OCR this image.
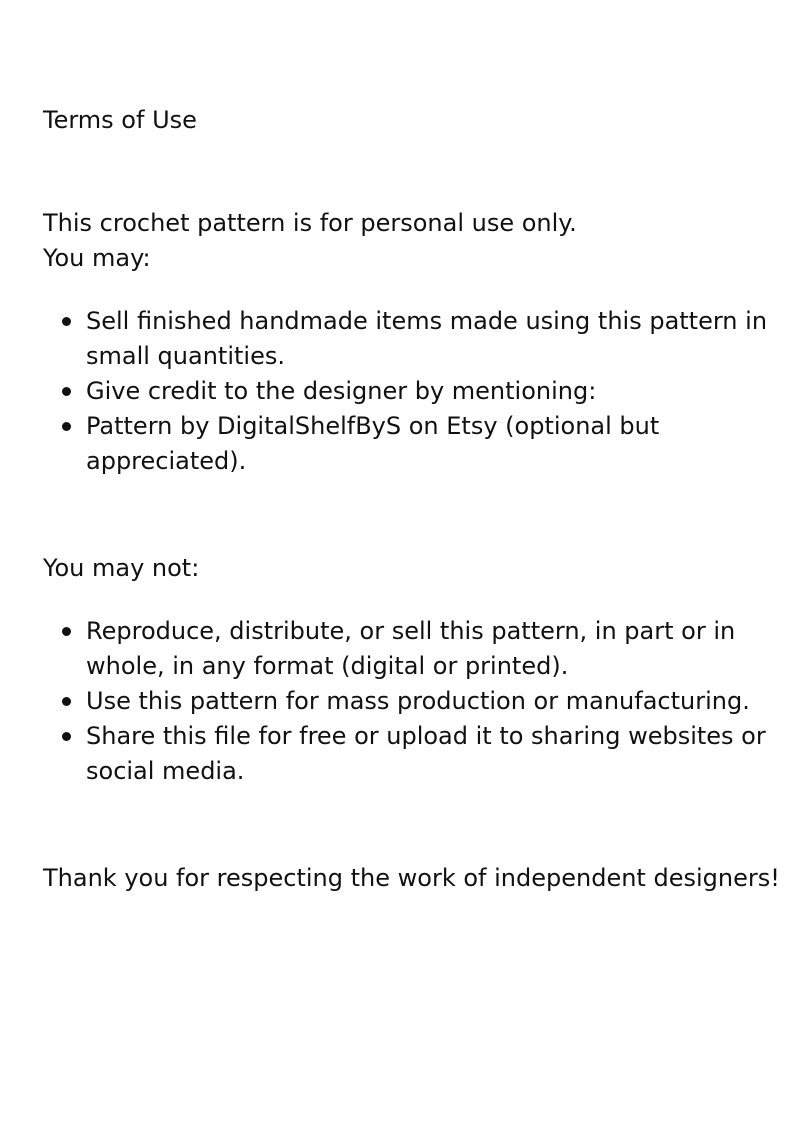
Terms of Use

This crochet pattern is for personal use only.

You may:

Sell finished handmade items made using this pattern in small quantities.
Give credit to the designer by mentioning:
Pattern by DigitalShelfByS on Etsy (optional but appreciated).

You may not:

Reproduce, distribute, or sell this pattern, in part or in whole, in any format (digital or printed).
Use this pattern for mass production or manufacturing.
Share this file for free or upload it to sharing websites or social media.

Thank you for respecting the work of independent designers!
